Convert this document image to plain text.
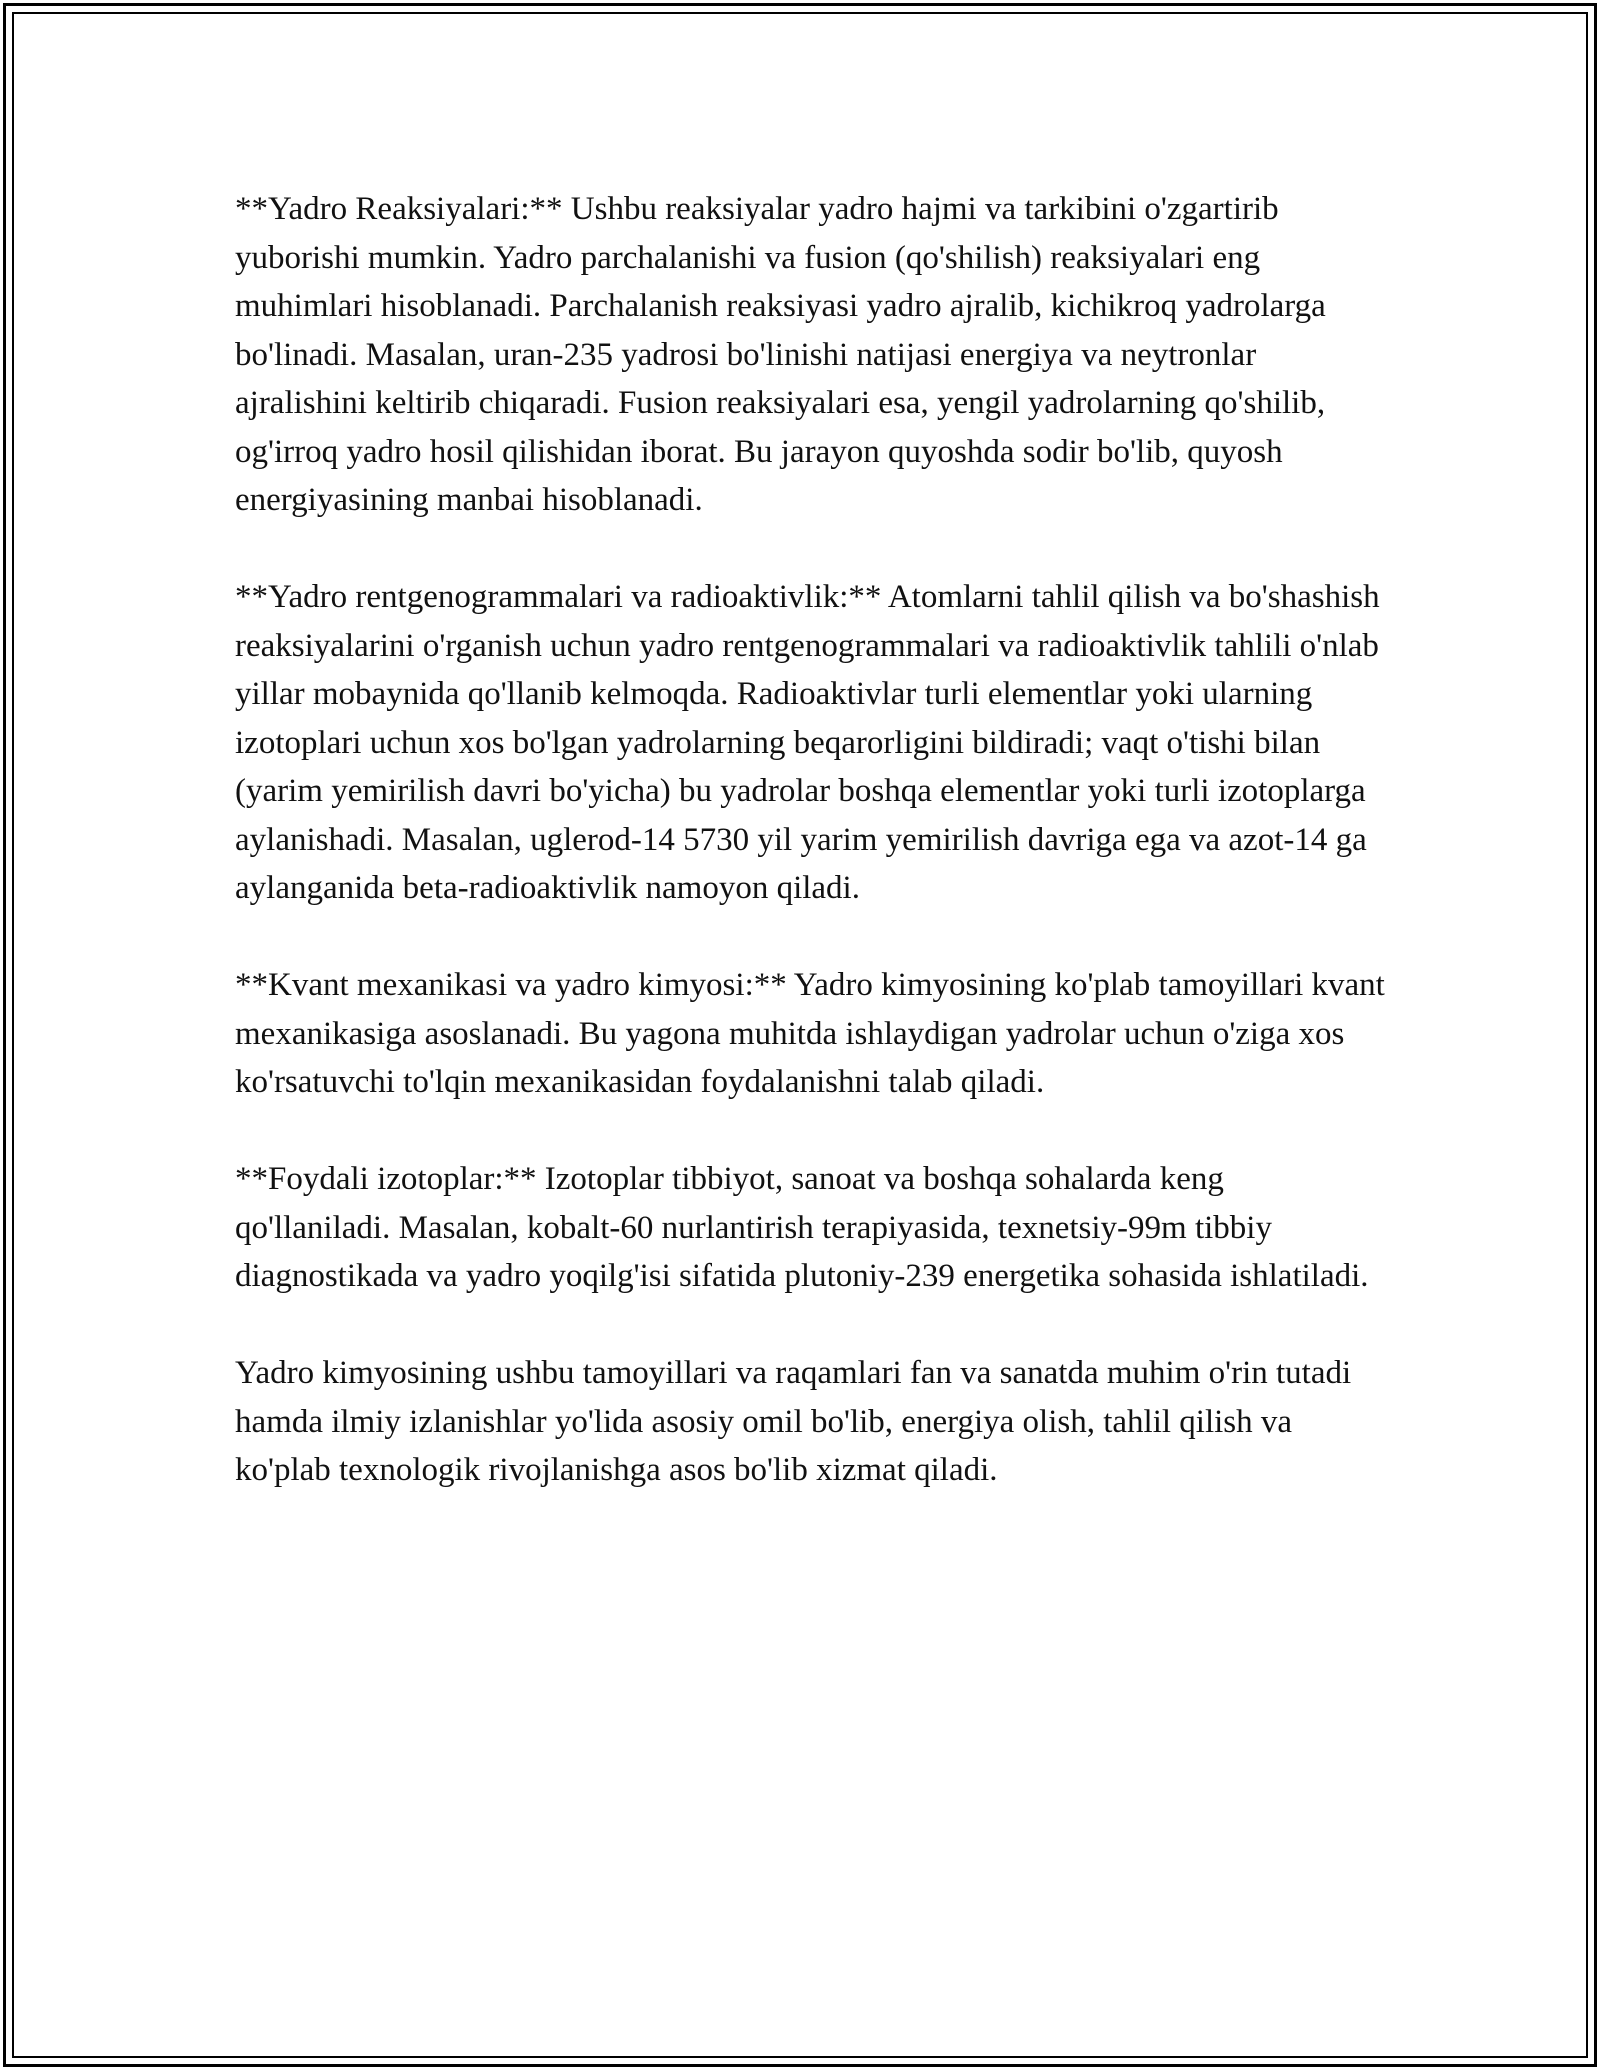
**Yadro Reaksiyalari:** Ushbu reaksiyalar yadro hajmi va tarkibini o'zgartirib yuborishi mumkin. Yadro parchalanishi va fusion (qo'shilish) reaksiyalari eng muhimlari hisoblanadi. Parchalanish reaksiyasi yadro ajralib, kichikroq yadrolarga bo'linadi. Masalan, uran-235 yadrosi bo'linishi natijasi energiya va neytronlar ajralishini keltirib chiqaradi. Fusion reaksiyalari esa, yengil yadrolarning qo'shilib, og'irroq yadro hosil qilishidan iborat. Bu jarayon quyoshda sodir bo'lib, quyosh energiyasining manbai hisoblanadi.

**Yadro rentgenogrammalari va radioaktivlik:** Atomlarni tahlil qilish va bo'shashish reaksiyalarini o'rganish uchun yadro rentgenogrammalari va radioaktivlik tahlili o'nlab yillar mobaynida qo'llanib kelmoqda. Radioaktivlar turli elementlar yoki ularning izotoplari uchun xos bo'lgan yadrolarning beqarorligini bildiradi; vaqt o'tishi bilan (yarim yemirilish davri bo'yicha) bu yadrolar boshqa elementlar yoki turli izotoplarga aylanishadi. Masalan, uglerod-14 5730 yil yarim yemirilish davriga ega va azot-14 ga aylanganida beta-radioaktivlik namoyon qiladi.

**Kvant mexanikasi va yadro kimyosi:** Yadro kimyosining ko'plab tamoyillari kvant mexanikasiga asoslanadi. Bu yagona muhitda ishlaydigan yadrolar uchun o'ziga xos ko'rsatuvchi to'lqin mexanikasidan foydalanishni talab qiladi.

**Foydali izotoplar:** Izotoplar tibbiyot, sanoat va boshqa sohalarda keng qo'llaniladi. Masalan, kobalt-60 nurlantirish terapiyasida, texnetsiy-99m tibbiy diagnostikada va yadro yoqilg'isi sifatida plutoniy-239 energetika sohasida ishlatiladi.

Yadro kimyosining ushbu tamoyillari va raqamlari fan va sanatda muhim o'rin tutadi hamda ilmiy izlanishlar yo'lida asosiy omil bo'lib, energiya olish, tahlil qilish va ko'plab texnologik rivojlanishga asos bo'lib xizmat qiladi.
